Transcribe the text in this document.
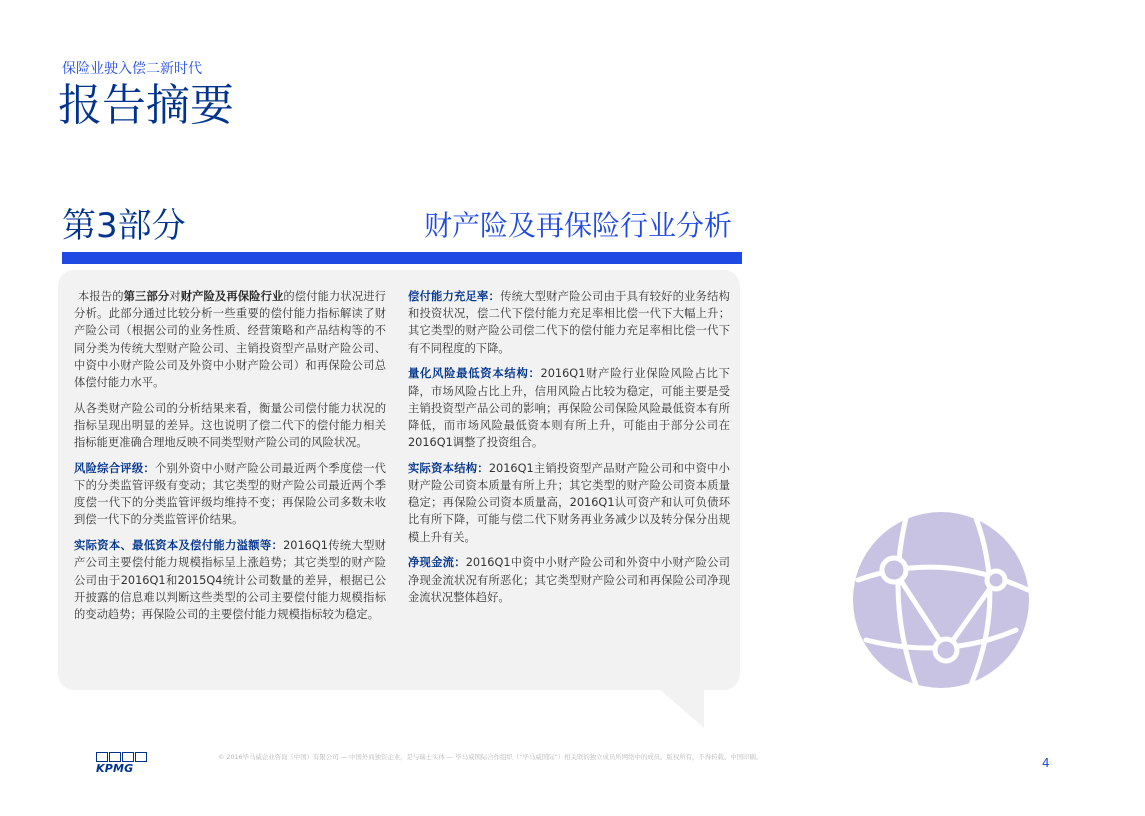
保险业驶入偿二新时代
报告摘要
第3部分	财产险及再保险行业分析

本报告的第三部分对财产险及再保险行业的偿付能力状况进行分析。此部分通过比较分析一些重要的偿付能力指标解读了财产险公司（根据公司的业务性质、经营策略和产品结构等的不同分类为传统大型财产险公司、主销投资型产品财产险公司、中资中小财产险公司及外资中小财产险公司）和再保险公司总体偿付能力水平。

从各类财产险公司的分析结果来看，衡量公司偿付能力状况的指标呈现出明显的差异。这也说明了偿二代下的偿付能力相关指标能更准确合理地反映不同类型财产险公司的风险状况。

风险综合评级：个别外资中小财产险公司最近两个季度偿一代下的分类监管评级有变动；其它类型的财产险公司最近两个季度偿一代下的分类监管评级均维持不变；再保险公司多数未收到偿一代下的分类监管评价结果。

实际资本、最低资本及偿付能力溢额等：2016Q1传统大型财产公司主要偿付能力规模指标呈上涨趋势；其它类型的财产险公司由于2016Q1和2015Q4统计公司数量的差异，根据已公开披露的信息难以判断这些类型的公司主要偿付能力规模指标的变动趋势；再保险公司的主要偿付能力规模指标较为稳定。

偿付能力充足率：传统大型财产险公司由于具有较好的业务结构和投资状况，偿二代下偿付能力充足率相比偿一代下大幅上升；其它类型的财产险公司偿二代下的偿付能力充足率相比偿一代下有不同程度的下降。

量化风险最低资本结构：2016Q1财产险行业保险风险占比下降，市场风险占比上升，信用风险占比较为稳定，可能主要是受主销投资型产品公司的影响；再保险公司保险风险最低资本有所降低，而市场风险最低资本则有所上升，可能由于部分公司在2016Q1调整了投资组合。

实际资本结构：2016Q1主销投资型产品财产险公司和中资中小财产险公司资本质量有所上升；其它类型的财产险公司资本质量稳定；再保险公司资本质量高，2016Q1认可资产和认可负债环比有所下降，可能与偿二代下财务再业务减少以及转分保分出规模上升有关。

净现金流：2016Q1中资中小财产险公司和外资中小财产险公司净现金流状况有所恶化；其它类型财产险公司和再保险公司净现金流状况整体趋好。

KPMG
© 2016毕马威企业咨询（中国）有限公司 — 中国外商独资企业，是与瑞士实体 — 毕马威国际合作组织（“毕马威国际”）相关联的独立成员所网络中的成员。版权所有，不得转载。中国印刷。	4
